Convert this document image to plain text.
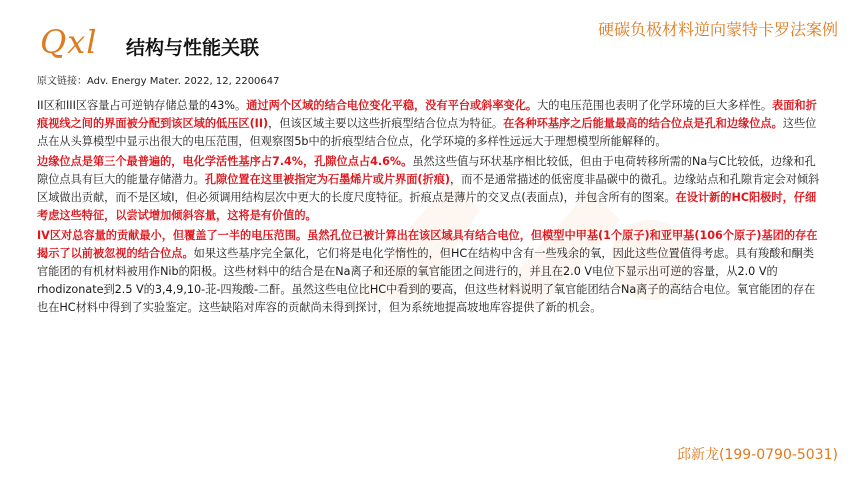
Qxl 结构与性能关联
硬碳负极材料逆向蒙特卡罗法案例
原文链接：Adv. Energy Mater. 2022, 12, 2200647

II区和III区容量占可逆钠存储总量的43%。通过两个区域的结合电位变化平稳，没有平台或斜率变化。大的电压范围也表明了化学环境的巨大多样性。表面和折痕视线之间的界面被分配到该区域的低压区(II)，但该区域主要以这些折痕型结合位点为特征。在各种环基序之后能量最高的结合位点是孔和边缘位点。这些位点在从头算模型中显示出很大的电压范围，但观察图5b中的折痕型结合位点，化学环境的多样性远远大于理想模型所能解释的。

边缘位点是第三个最普遍的，电化学活性基序占7.4%，孔隙位点占4.6%。虽然这些值与环状基序相比较低，但由于电荷转移所需的Na与C比较低，边缘和孔隙位点具有巨大的能量存储潜力。孔隙位置在这里被指定为石墨烯片或片界面(折痕)，而不是通常描述的低密度非晶碳中的微孔。边缘站点和孔隙肯定会对倾斜区域做出贡献，而不是区域I，但必须调用结构层次中更大的长度尺度特征。折痕点是薄片的交叉点(表面点)，并包含所有的图案。在设计新的HC阳极时，仔细考虑这些特征，以尝试增加倾斜容量，这将是有价值的。

IV区对总容量的贡献最小，但覆盖了一半的电压范围。虽然孔位已被计算出在该区域具有结合电位，但模型中甲基(1个原子)和亚甲基(106个原子)基团的存在揭示了以前被忽视的结合位点。如果这些基序完全氯化，它们将是电化学惰性的，但HC在结构中含有一些残余的氧，因此这些位置值得考虑。具有羧酸和酮类官能团的有机材料被用作Nib的阳极。这些材料中的结合是在Na离子和还原的氧官能团之间进行的，并且在2.0 V电位下显示出可逆的容量，从2.0 V的rhodizonate到2.5 V的3,4,9,10-苝-四羧酸-二酐。虽然这些电位比HC中看到的要高，但这些材料说明了氧官能团结合Na离子的高结合电位。氧官能团的存在也在HC材料中得到了实验鉴定。这些缺陷对库容的贡献尚未得到探讨，但为系统地提高坡地库容提供了新的机会。

邱新龙(199-0790-5031)
